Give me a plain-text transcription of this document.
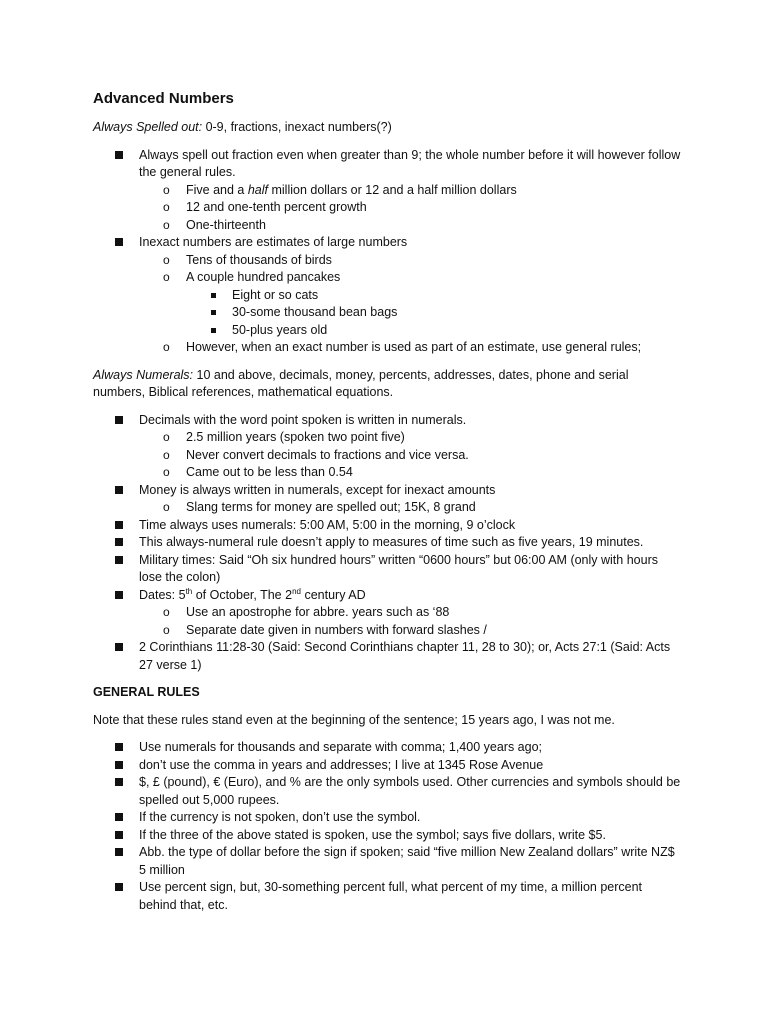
Advanced Numbers

Always Spelled out: 0-9, fractions, inexact numbers(?)

Always spell out fraction even when greater than 9; the whole number before it will however follow the general rules.
o Five and a half million dollars or 12 and a half million dollars
o 12 and one-tenth percent growth
o One-thirteenth
Inexact numbers are estimates of large numbers
o Tens of thousands of birds
o A couple hundred pancakes
Eight or so cats
30-some thousand bean bags
50-plus years old
o However, when an exact number is used as part of an estimate, use general rules;

Always Numerals: 10 and above, decimals, money, percents, addresses, dates, phone and serial numbers, Biblical references, mathematical equations.

Decimals with the word point spoken is written in numerals.
o 2.5 million years (spoken two point five)
o Never convert decimals to fractions and vice versa.
o Came out to be less than 0.54
Money is always written in numerals, except for inexact amounts
o Slang terms for money are spelled out; 15K, 8 grand
Time always uses numerals: 5:00 AM, 5:00 in the morning, 9 o’clock
This always-numeral rule doesn’t apply to measures of time such as five years, 19 minutes.
Military times: Said “Oh six hundred hours” written “0600 hours” but 06:00 AM (only with hours lose the colon)
Dates: 5th of October, The 2nd century AD
o Use an apostrophe for abbre. years such as ‘88
o Separate date given in numbers with forward slashes /
2 Corinthians 11:28-30 (Said: Second Corinthians chapter 11, 28 to 30); or, Acts 27:1 (Said: Acts 27 verse 1)

GENERAL RULES

Note that these rules stand even at the beginning of the sentence; 15 years ago, I was not me.

Use numerals for thousands and separate with comma; 1,400 years ago;
don’t use the comma in years and addresses; I live at 1345 Rose Avenue
$, £ (pound), € (Euro), and % are the only symbols used. Other currencies and symbols should be spelled out 5,000 rupees.
If the currency is not spoken, don’t use the symbol.
If the three of the above stated is spoken, use the symbol; says five dollars, write $5.
Abb. the type of dollar before the sign if spoken; said “five million New Zealand dollars” write NZ$ 5 million
Use percent sign, but, 30-something percent full, what percent of my time, a million percent behind that, etc.
